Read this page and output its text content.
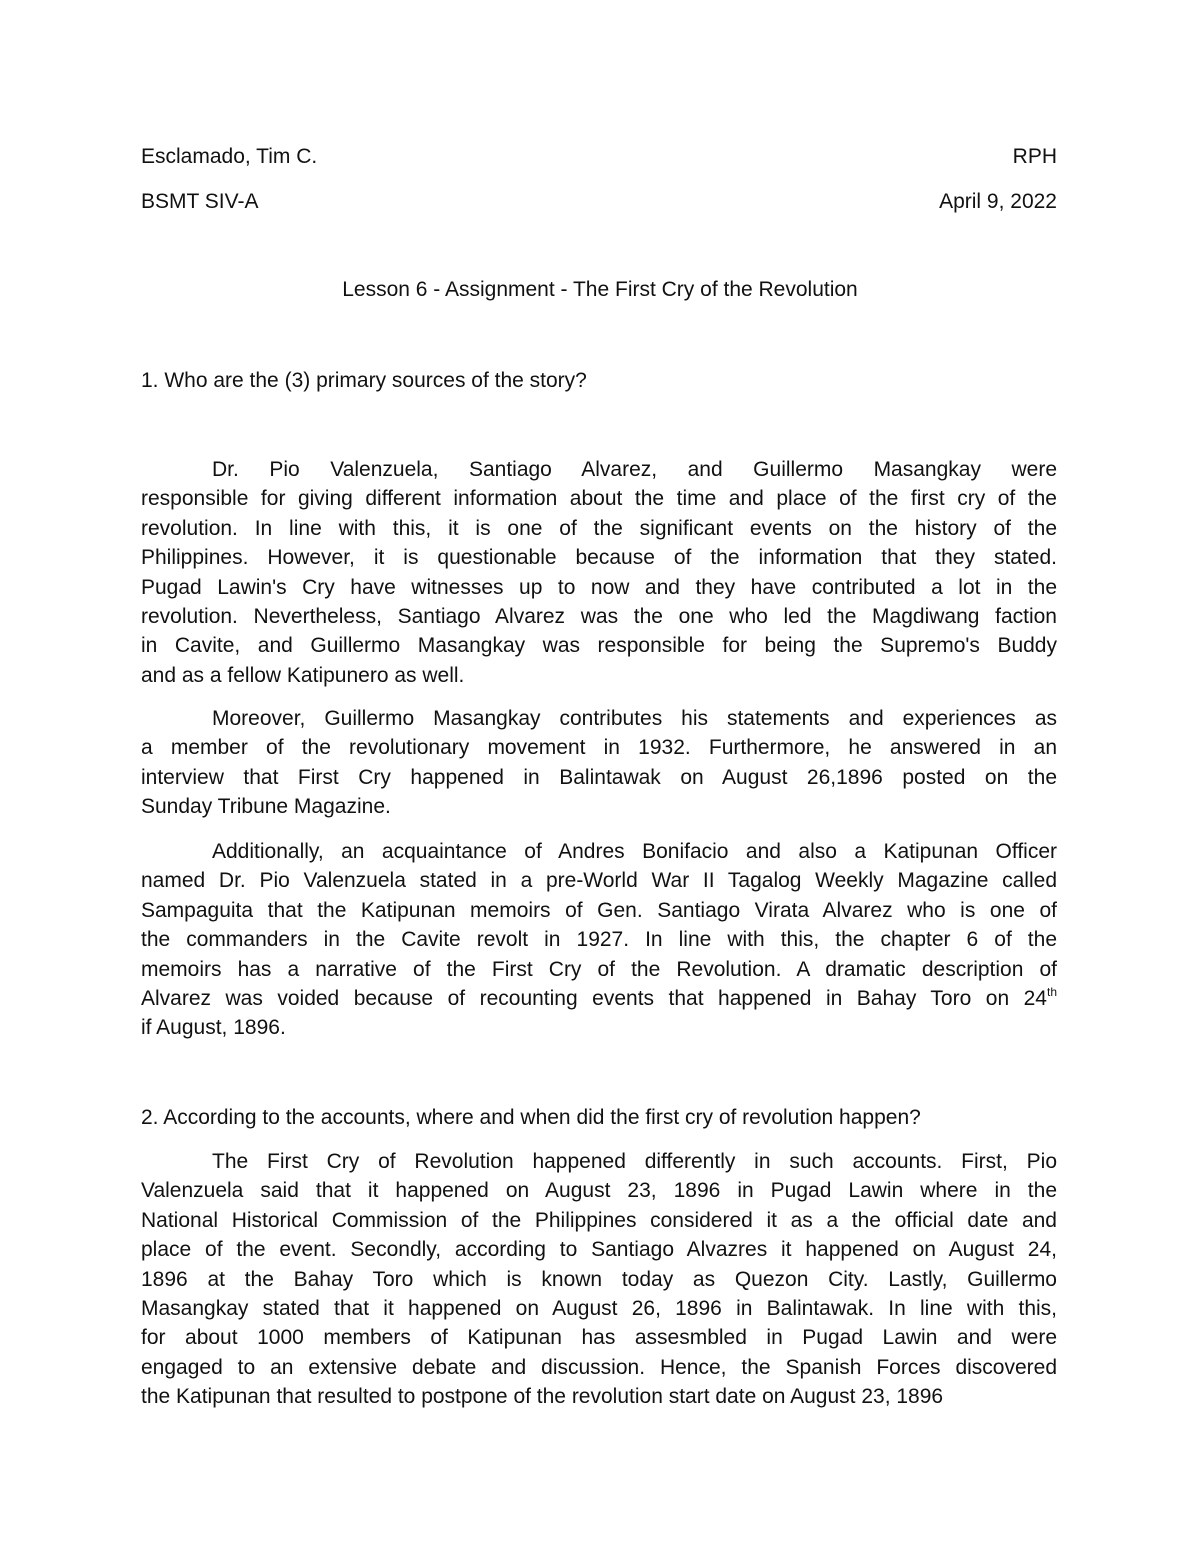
Esclamado, Tim C.	RPH
BSMT SIV-A	April 9, 2022
Lesson 6 - Assignment - The First Cry of the Revolution
1. Who are the (3) primary sources of the story?
Dr. Pio Valenzuela, Santiago Alvarez, and Guillermo Masangkay were
responsible for giving different information about the time and place of the first cry of the
revolution. In line with this, it is one of the significant events on the history of the
Philippines. However, it is questionable because of the information that they stated.
Pugad Lawin's Cry have witnesses up to now and they have contributed a lot in the
revolution. Nevertheless, Santiago Alvarez was the one who led the Magdiwang faction
in Cavite, and Guillermo Masangkay was responsible for being the Supremo's Buddy
and as a fellow Katipunero as well.
Moreover, Guillermo Masangkay contributes his statements and experiences as
a member of the revolutionary movement in 1932. Furthermore, he answered in an
interview that First Cry happened in Balintawak on August 26,1896 posted on the
Sunday Tribune Magazine.
Additionally, an acquaintance of Andres Bonifacio and also a Katipunan Officer
named Dr. Pio Valenzuela stated in a pre-World War II Tagalog Weekly Magazine called
Sampaguita that the Katipunan memoirs of Gen. Santiago Virata Alvarez who is one of
the commanders in the Cavite revolt in 1927. In line with this, the chapter 6 of the
memoirs has a narrative of the First Cry of the Revolution. A dramatic description of
Alvarez was voided because of recounting events that happened in Bahay Toro on 24th
if August, 1896.
2. According to the accounts, where and when did the first cry of revolution happen?
The First Cry of Revolution happened differently in such accounts. First, Pio
Valenzuela said that it happened on August 23, 1896 in Pugad Lawin where in the
National Historical Commission of the Philippines considered it as a the official date and
place of the event. Secondly, according to Santiago Alvazres it happened on August 24,
1896 at the Bahay Toro which is known today as Quezon City. Lastly, Guillermo
Masangkay stated that it happened on August 26, 1896 in Balintawak. In line with this,
for about 1000 members of Katipunan has assesmbled in Pugad Lawin and were
engaged to an extensive debate and discussion. Hence, the Spanish Forces discovered
the Katipunan that resulted to postpone of the revolution start date on August 23, 1896
